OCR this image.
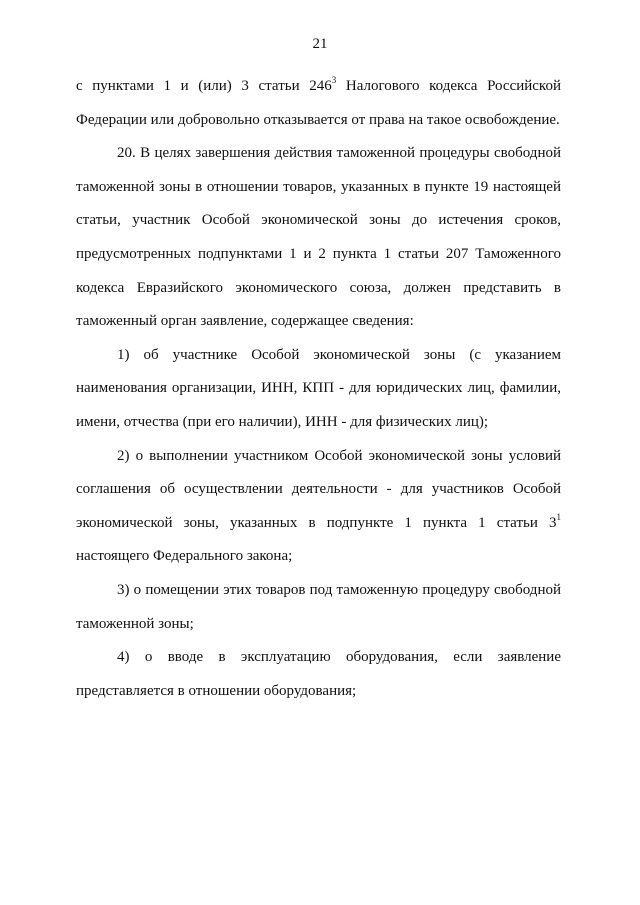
21
с пунктами 1 и (или) 3 статьи $246^3$ Налогового кодекса Российской Федерации или добровольно отказывается от права на такое освобождение.
20. В целях завершения действия таможенной процедуры свободной таможенной зоны в отношении товаров, указанных в пункте 19 настоящей статьи, участник Особой экономической зоны до истечения сроков, предусмотренных подпунктами 1 и 2 пункта 1 статьи 207 Таможенного кодекса Евразийского экономического союза, должен представить в таможенный орган заявление, содержащее сведения:
1) об участнике Особой экономической зоны (с указанием наименования организации, ИНН, КПП - для юридических лиц, фамилии, имени, отчества (при его наличии), ИНН - для физических лиц);
2) о выполнении участником Особой экономической зоны условий соглашения об осуществлении деятельности - для участников Особой экономической зоны, указанных в подпункте 1 пункта 1 статьи $3^1$ настоящего Федерального закона;
3) о помещении этих товаров под таможенную процедуру свободной таможенной зоны;
4) о вводе в эксплуатацию оборудования, если заявление представляется в отношении оборудования;
